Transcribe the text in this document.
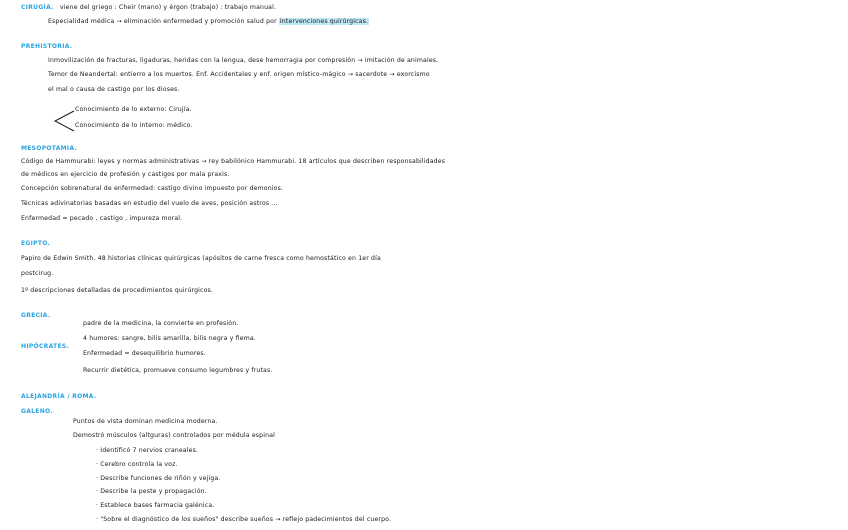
CIRUGÍA. viene del griego : Cheir (mano) y érgon (trabajo) : trabajo manual.
Especialidad médica → eliminación enfermedad y promoción salud por intervenciones quirúrgicas.
PREHISTORIA.
Inmovilización de fracturas, ligaduras, heridas con la lengua, dese hemorragia por compresión → imitación de animales.
Temor de Neandertal: entierro a los muertos. Enf. Accidentales y enf. origen místico-mágico → sacerdote → exorcismo
el mal o causa de castigo por los dioses.
Conocimiento de lo externo: Cirujía.
Conocimiento de lo interno: médico.
MESOPOTAMIA.
Código de Hammurabi: leyes y normas administrativas → rey babilónico Hammurabi. 18 artículos que describen responsabilidades
de médicos en ejercicio de profesión y castigos por mala praxis.
Concepción sobrenatural de enfermedad: castigo divino impuesto por demonios.
Técnicas adivinatorias basadas en estudio del vuelo de aves, posición astros ...
Enfermedad = pecado , castigo , impureza moral.
EGIPTO.
Papiro de Edwin Smith. 48 historias clínicas quirúrgicas (apósitos de carne fresca como hemostático en 1er día
postcirug.
1º descripciones detalladas de procedimientos quirúrgicos.
GRECIA.
HIPÓCRATES.
padre de la medicina, la convierte en profesión.
4 humores: sangre, bilis amarilla, bilis negra y flema.
Enfermedad = desequilibrio humores.
Recurrir dietética, promueve consumo legumbres y frutas.
ALEJANDRÍA / ROMA.
GALENO.
Puntos de vista dominan medicina moderna.
Demostró músculos (altguras) controlados por médula espinal
· Identificó 7 nervios craneales.
· Cerebro controla la voz.
· Describe funciones de riñón y vejiga.
· Describe la peste y propagación.
· Establece bases farmacia galénica.
· "Sobre el diagnóstico de los sueños" describe sueños → reflejo padecimientos del cuerpo.
